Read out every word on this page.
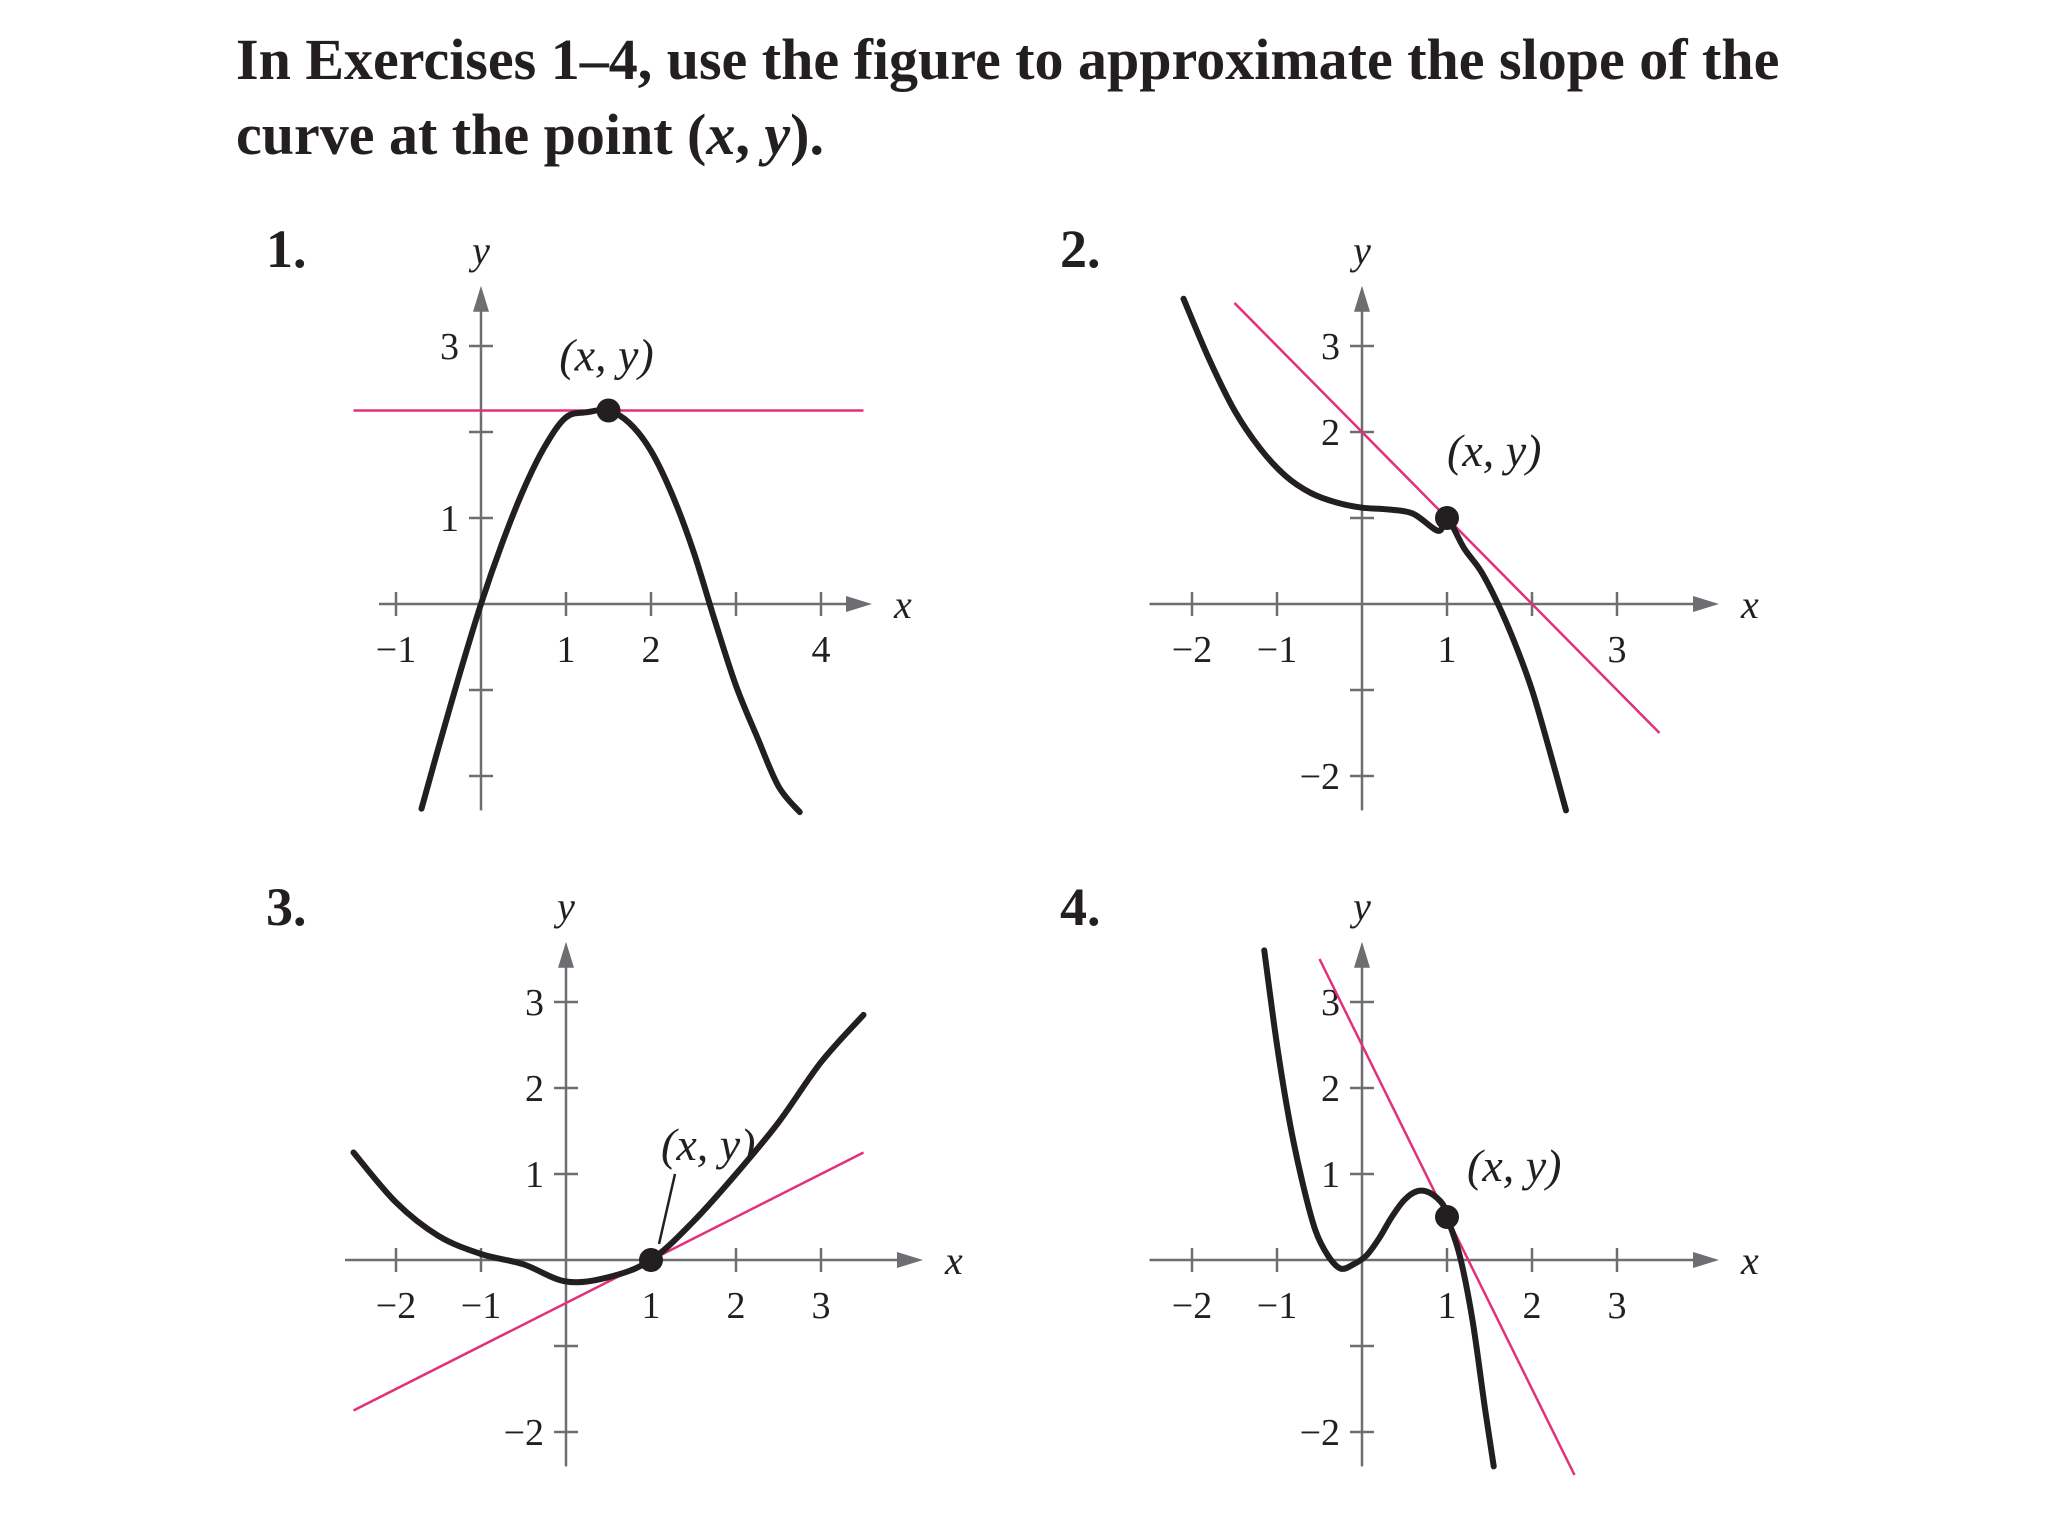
In Exercises 1–4, use the figure to approximate the slope of the curve at the point (x, y).

1.	2.
3.	4.
−1	1 2	4
1
3
x
y
(x, y)
−2 −1	1	3
−2
2
3
x
y
(x, y)
−2 −1	1 2 3
−2
1
2
3
x
y
(x, y)
−2 −1	1 2 3
−2
1
2
3
x
y
(x, y)
